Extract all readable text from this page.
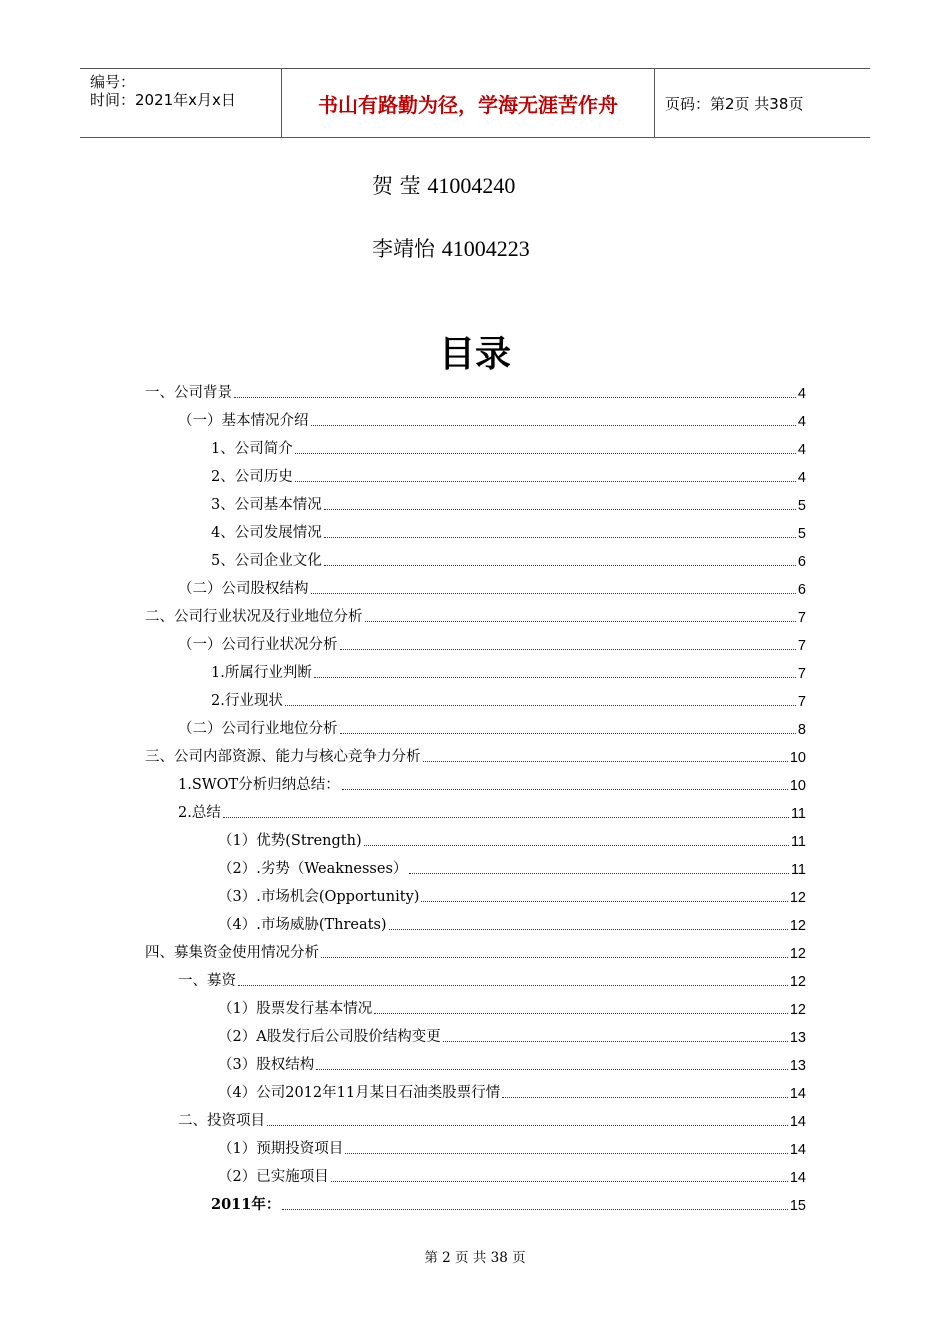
编号：
时间：2021年x月x日	书山有路勤为径，学海无涯苦作舟	页码：第2页 共38页
贺 莹 41004240
李靖怡 41004223
目录
一、公司背景	4
（一）基本情况介绍	4
1、公司简介	4
2、公司历史	4
3、公司基本情况	5
4、公司发展情况	5
5、公司企业文化	6
（二）公司股权结构	6
二、公司行业状况及行业地位分析	7
（一）公司行业状况分析	7
1.所属行业判断	7
2.行业现状	7
（二）公司行业地位分析	8
三、公司内部资源、能力与核心竞争力分析	10
1.SWOT分析归纳总结：	10
2.总结	11
（1）优势(Strength)	11
（2）.劣势（Weaknesses）	11
（3）.市场机会(Opportunity)	12
（4）.市场威胁(Threats)	12
四、募集资金使用情况分析	12
一、募资	12
（1）股票发行基本情况	12
（2）A股发行后公司股价结构变更	13
（3）股权结构	13
（4）公司2012年11月某日石油类股票行情	14
二、投资项目	14
（1）预期投资项目	14
（2）已实施项目	14
2011年：	15
第 2 页 共 38 页
